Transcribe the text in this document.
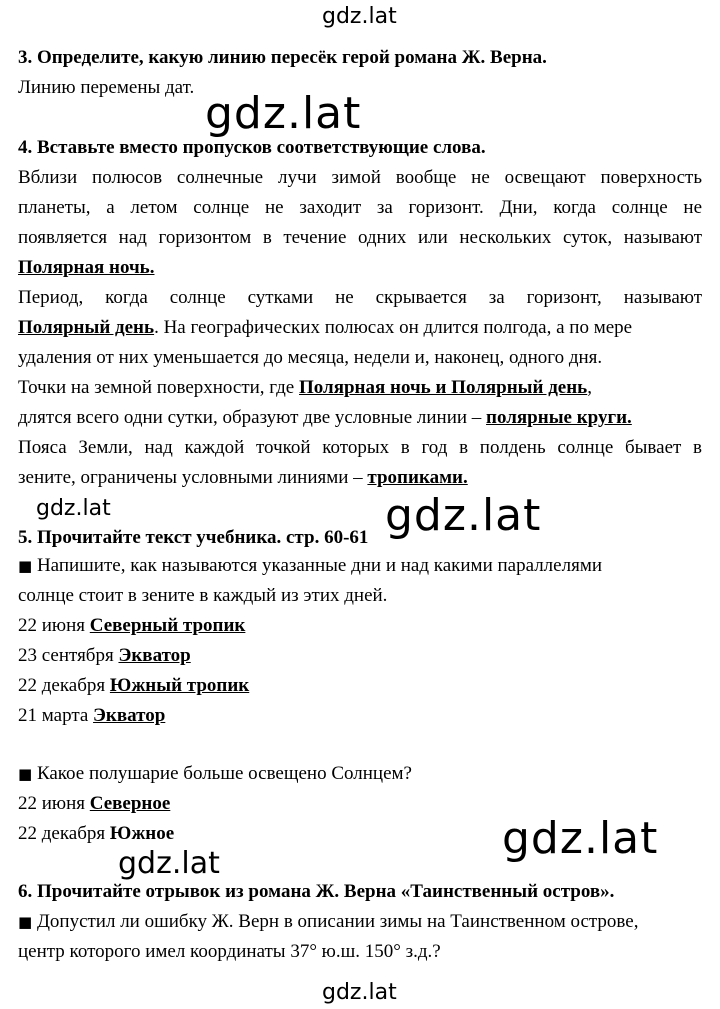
gdz.lat
gdz.lat
gdz.lat	gdz.lat
gdz.lat
gdz.lat
gdz.lat
3. Определите, какую линию пересёк герой романа Ж. Верна.
Линию перемены дат.
4. Вставьте вместо пропусков соответствующие слова.
Вблизи полюсов солнечные лучи зимой вообще не освещают поверхность
планеты, а летом солнце не заходит за горизонт. Дни, когда солнце не
появляется над горизонтом в течение одних или нескольких суток, называют
Полярная ночь.
Период, когда солнце сутками не скрывается за горизонт, называют
Полярный день. На географических полюсах он длится полгода, а по мере
удаления от них уменьшается до месяца, недели и, наконец, одного дня.
Точки на земной поверхности, где Полярная ночь и Полярный день,
длятся всего одни сутки, образуют две условные линии – полярные круги.
Пояса Земли, над каждой точкой которых в год в полдень солнце бывает в
зените, ограничены условными линиями – тропиками.
5. Прочитайте текст учебника. стр. 60-61
■ Напишите, как называются указанные дни и над какими параллелями
солнце стоит в зените в каждый из этих дней.
22 июня Северный тропик
23 сентября Экватор
22 декабря Южный тропик
21 марта Экватор
■ Какое полушарие больше освещено Солнцем?
22 июня Северное
22 декабря Южное
6. Прочитайте отрывок из романа Ж. Верна «Таинственный остров».
■ Допустил ли ошибку Ж. Верн в описании зимы на Таинственном острове,
центр которого имел координаты 37° ю.ш. 150° з.д.?
